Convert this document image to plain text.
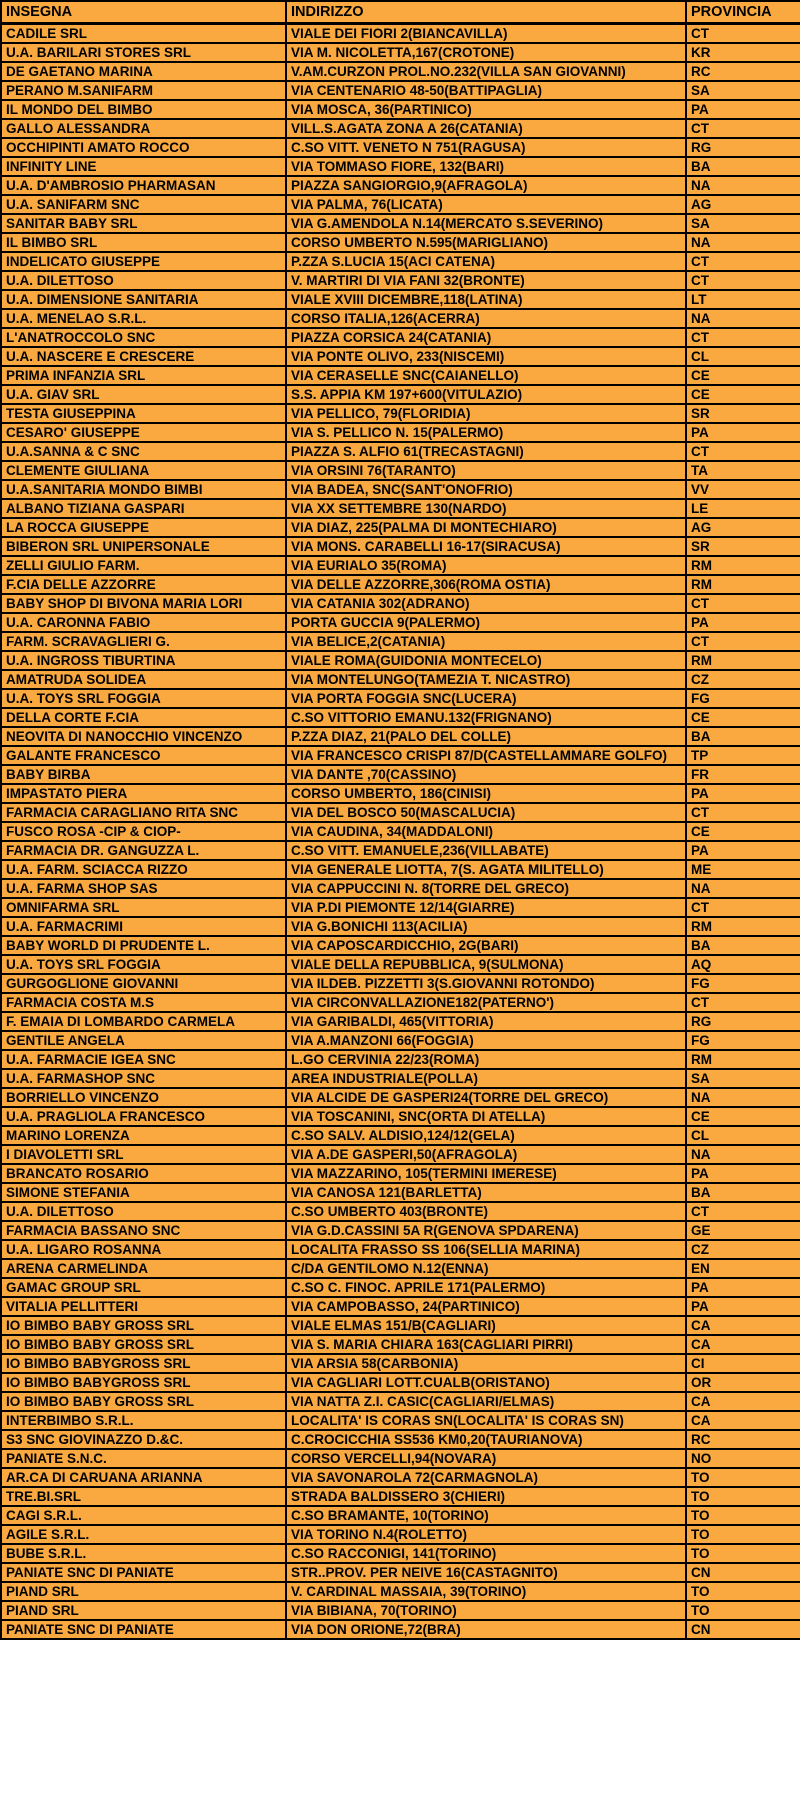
INSEGNA	INDIRIZZO	PROVINCIA
CADILE SRL	VIALE DEI FIORI 2(BIANCAVILLA)	CT
U.A. BARILARI STORES SRL	VIA M. NICOLETTA,167(CROTONE)	KR
DE GAETANO MARINA	V.AM.CURZON PROL.NO.232(VILLA SAN GIOVANNI)	RC
PERANO M.SANIFARM	VIA CENTENARIO 48-50(BATTIPAGLIA)	SA
IL MONDO DEL BIMBO	VIA MOSCA, 36(PARTINICO)	PA
GALLO ALESSANDRA	VILL.S.AGATA ZONA A 26(CATANIA)	CT
OCCHIPINTI AMATO ROCCO	C.SO VITT. VENETO N 751(RAGUSA)	RG
INFINITY LINE	VIA TOMMASO FIORE, 132(BARI)	BA
U.A. D'AMBROSIO PHARMASAN	PIAZZA SANGIORGIO,9(AFRAGOLA)	NA
U.A. SANIFARM SNC	VIA PALMA, 76(LICATA)	AG
SANITAR BABY SRL	VIA G.AMENDOLA N.14(MERCATO S.SEVERINO)	SA
IL BIMBO SRL	CORSO UMBERTO N.595(MARIGLIANO)	NA
INDELICATO GIUSEPPE	P.ZZA S.LUCIA 15(ACI CATENA)	CT
U.A. DILETTOSO	V. MARTIRI DI VIA FANI 32(BRONTE)	CT
U.A. DIMENSIONE SANITARIA	VIALE XVIII DICEMBRE,118(LATINA)	LT
U.A. MENELAO S.R.L.	CORSO ITALIA,126(ACERRA)	NA
L'ANATROCCOLO SNC	PIAZZA CORSICA 24(CATANIA)	CT
U.A. NASCERE E CRESCERE	VIA PONTE OLIVO, 233(NISCEMI)	CL
PRIMA INFANZIA SRL	VIA CERASELLE SNC(CAIANELLO)	CE
U.A. GIAV SRL	S.S. APPIA KM 197+600(VITULAZIO)	CE
TESTA GIUSEPPINA	VIA PELLICO, 79(FLORIDIA)	SR
CESARO' GIUSEPPE	VIA S. PELLICO N. 15(PALERMO)	PA
U.A.SANNA & C SNC	PIAZZA S. ALFIO 61(TRECASTAGNI)	CT
CLEMENTE GIULIANA	VIA ORSINI 76(TARANTO)	TA
U.A.SANITARIA MONDO BIMBI	VIA BADEA, SNC(SANT'ONOFRIO)	VV
ALBANO TIZIANA GASPARI	VIA XX SETTEMBRE 130(NARDO)	LE
LA ROCCA GIUSEPPE	VIA DIAZ, 225(PALMA DI MONTECHIARO)	AG
BIBERON SRL UNIPERSONALE	VIA MONS. CARABELLI 16-17(SIRACUSA)	SR
ZELLI GIULIO FARM.	VIA EURIALO 35(ROMA)	RM
F.CIA DELLE AZZORRE	VIA DELLE AZZORRE,306(ROMA OSTIA)	RM
BABY SHOP DI BIVONA MARIA LORI	VIA CATANIA 302(ADRANO)	CT
U.A. CARONNA FABIO	PORTA GUCCIA 9(PALERMO)	PA
FARM. SCRAVAGLIERI G.	VIA BELICE,2(CATANIA)	CT
U.A. INGROSS TIBURTINA	VIALE ROMA(GUIDONIA MONTECELO)	RM
AMATRUDA SOLIDEA	VIA MONTELUNGO(TAMEZIA T. NICASTRO)	CZ
U.A. TOYS SRL FOGGIA	VIA PORTA FOGGIA SNC(LUCERA)	FG
DELLA CORTE F.CIA	C.SO VITTORIO EMANU.132(FRIGNANO)	CE
NEOVITA DI NANOCCHIO VINCENZO	P.ZZA DIAZ, 21(PALO DEL COLLE)	BA
GALANTE FRANCESCO	VIA FRANCESCO CRISPI 87/D(CASTELLAMMARE GOLFO)	TP
BABY BIRBA	VIA DANTE ,70(CASSINO)	FR
IMPASTATO PIERA	CORSO UMBERTO, 186(CINISI)	PA
FARMACIA CARAGLIANO RITA SNC	VIA DEL BOSCO 50(MASCALUCIA)	CT
FUSCO ROSA -CIP & CIOP-	VIA CAUDINA, 34(MADDALONI)	CE
FARMACIA DR. GANGUZZA L.	C.SO VITT. EMANUELE,236(VILLABATE)	PA
U.A. FARM. SCIACCA RIZZO	VIA GENERALE LIOTTA, 7(S. AGATA MILITELLO)	ME
U.A. FARMA SHOP SAS	VIA CAPPUCCINI N. 8(TORRE DEL GRECO)	NA
OMNIFARMA SRL	VIA P.DI PIEMONTE 12/14(GIARRE)	CT
U.A. FARMACRIMI	VIA G.BONICHI 113(ACILIA)	RM
BABY WORLD DI PRUDENTE L.	VIA CAPOSCARDICCHIO, 2G(BARI)	BA
U.A. TOYS SRL FOGGIA	VIALE DELLA REPUBBLICA, 9(SULMONA)	AQ
GURGOGLIONE GIOVANNI	VIA ILDEB. PIZZETTI 3(S.GIOVANNI ROTONDO)	FG
FARMACIA COSTA M.S	VIA CIRCONVALLAZIONE182(PATERNO')	CT
F. EMAIA DI LOMBARDO CARMELA	VIA GARIBALDI, 465(VITTORIA)	RG
GENTILE ANGELA	VIA A.MANZONI 66(FOGGIA)	FG
U.A. FARMACIE IGEA SNC	L.GO CERVINIA 22/23(ROMA)	RM
U.A. FARMASHOP SNC	AREA INDUSTRIALE(POLLA)	SA
BORRIELLO VINCENZO	VIA ALCIDE DE GASPERI24(TORRE DEL GRECO)	NA
U.A. PRAGLIOLA FRANCESCO	VIA TOSCANINI, SNC(ORTA DI ATELLA)	CE
MARINO LORENZA	C.SO SALV. ALDISIO,124/12(GELA)	CL
I DIAVOLETTI SRL	VIA A.DE GASPERI,50(AFRAGOLA)	NA
BRANCATO ROSARIO	VIA MAZZARINO, 105(TERMINI IMERESE)	PA
SIMONE STEFANIA	VIA CANOSA 121(BARLETTA)	BA
U.A. DILETTOSO	C.SO UMBERTO 403(BRONTE)	CT
FARMACIA BASSANO SNC	VIA G.D.CASSINI 5A R(GENOVA SPDARENA)	GE
U.A. LIGARO ROSANNA	LOCALITA FRASSO SS 106(SELLIA MARINA)	CZ
ARENA CARMELINDA	C/DA GENTILOMO N.12(ENNA)	EN
GAMAC GROUP SRL	C.SO C. FINOC. APRILE 171(PALERMO)	PA
VITALIA PELLITTERI	VIA CAMPOBASSO, 24(PARTINICO)	PA
IO BIMBO BABY GROSS SRL	VIALE ELMAS 151/B(CAGLIARI)	CA
IO BIMBO BABY GROSS SRL	VIA S. MARIA CHIARA 163(CAGLIARI PIRRI)	CA
IO BIMBO BABYGROSS SRL	VIA ARSIA 58(CARBONIA)	CI
IO BIMBO BABYGROSS SRL	VIA CAGLIARI LOTT.CUALB(ORISTANO)	OR
IO BIMBO BABY GROSS SRL	VIA NATTA Z.I. CASIC(CAGLIARI/ELMAS)	CA
INTERBIMBO S.R.L.	LOCALITA' IS CORAS SN(LOCALITA' IS CORAS SN)	CA
S3 SNC GIOVINAZZO D.&C.	C.CROCICCHIA SS536 KM0,20(TAURIANOVA)	RC
PANIATE S.N.C.	CORSO VERCELLI,94(NOVARA)	NO
AR.CA DI CARUANA ARIANNA	VIA SAVONAROLA 72(CARMAGNOLA)	TO
TRE.BI.SRL	STRADA BALDISSERO 3(CHIERI)	TO
CAGI S.R.L.	C.SO BRAMANTE, 10(TORINO)	TO
AGILE S.R.L.	VIA TORINO N.4(ROLETTO)	TO
BUBE S.R.L.	C.SO RACCONIGI, 141(TORINO)	TO
PANIATE SNC DI PANIATE	STR..PROV. PER NEIVE 16(CASTAGNITO)	CN
PIAND SRL	V. CARDINAL MASSAIA, 39(TORINO)	TO
PIAND SRL	VIA BIBIANA, 70(TORINO)	TO
PANIATE SNC DI PANIATE	VIA DON ORIONE,72(BRA)	CN
